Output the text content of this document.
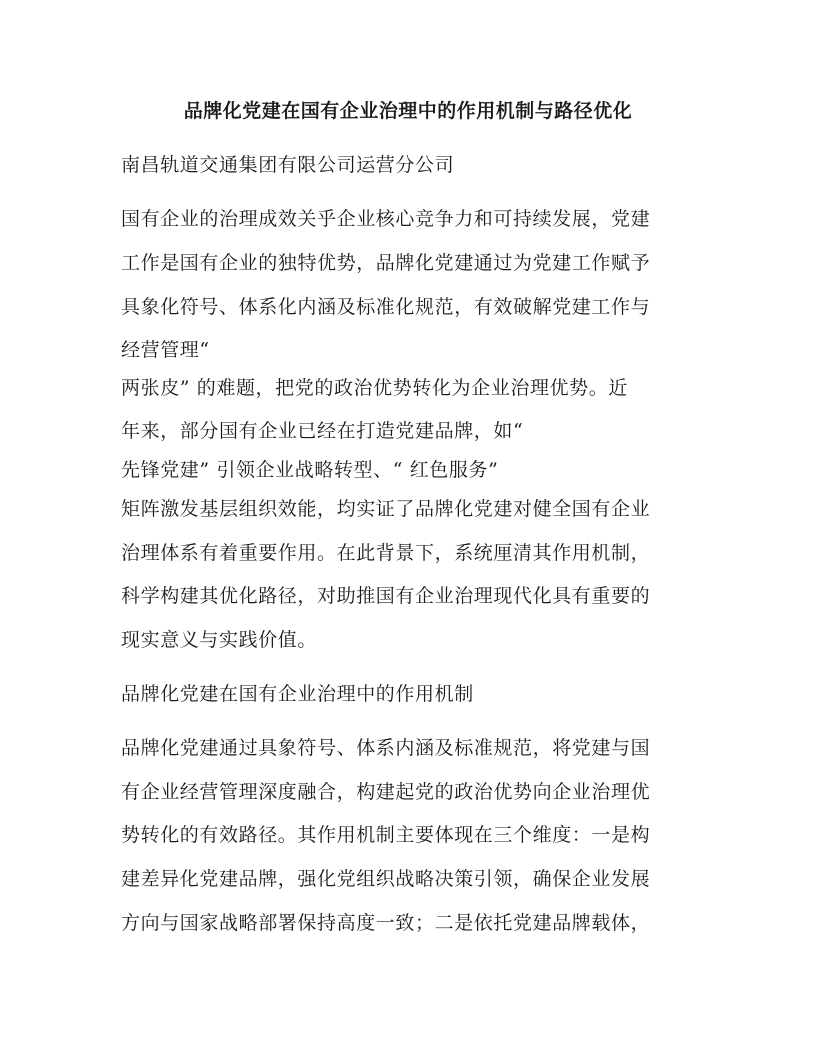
品牌化党建在国有企业治理中的作用机制与路径优化
南昌轨道交通集团有限公司运营分公司
国有企业的治理成效关乎企业核心竞争力和可持续发展，党建
工作是国有企业的独特优势，品牌化党建通过为党建工作赋予
具象化符号、体系化内涵及标准化规范，有效破解党建工作与
经营管理“
两张皮” 的难题，把党的政治优势转化为企业治理优势。近
年来，部分国有企业已经在打造党建品牌，如“
先锋党建” 引领企业战略转型、“ 红色服务”
矩阵激发基层组织效能，均实证了品牌化党建对健全国有企业
治理体系有着重要作用。在此背景下，系统厘清其作用机制，
科学构建其优化路径，对助推国有企业治理现代化具有重要的
现实意义与实践价值。
品牌化党建在国有企业治理中的作用机制
品牌化党建通过具象符号、体系内涵及标准规范，将党建与国
有企业经营管理深度融合，构建起党的政治优势向企业治理优
势转化的有效路径。其作用机制主要体现在三个维度：一是构
建差异化党建品牌，强化党组织战略决策引领，确保企业发展
方向与国家战略部署保持高度一致；二是依托党建品牌载体，
